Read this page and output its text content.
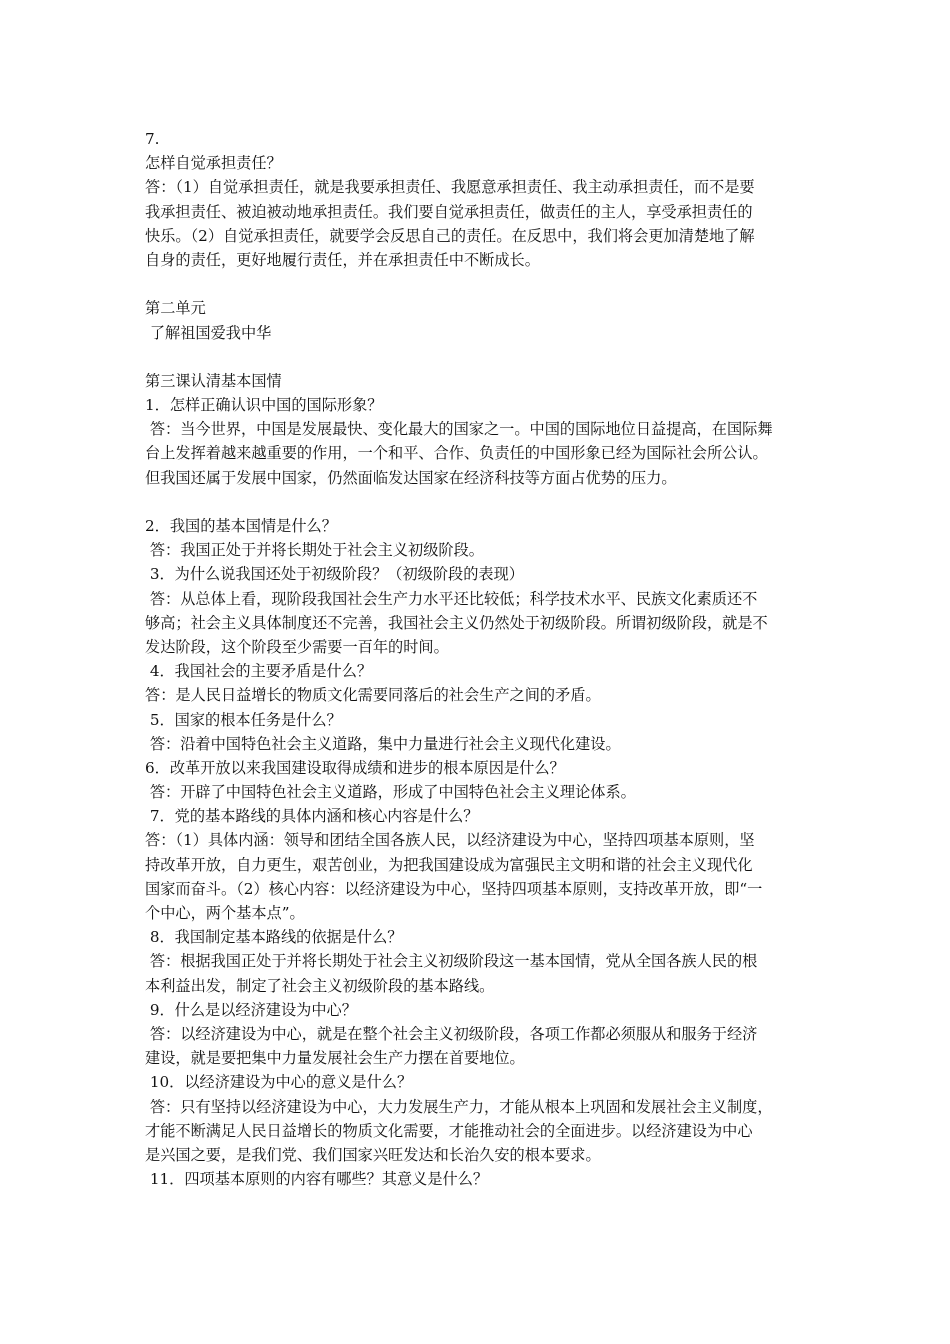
7.
怎样自觉承担责任？
答：（1）自觉承担责任，就是我要承担责任、我愿意承担责任、我主动承担责任，而不是要
我承担责任、被迫被动地承担责任。我们要自觉承担责任，做责任的主人，享受承担责任的
快乐。（2）自觉承担责任，就要学会反思自己的责任。在反思中，我们将会更加清楚地了解
自身的责任，更好地履行责任，并在承担责任中不断成长。
第二单元
了解祖国爱我中华
第三课认清基本国情
1．怎样正确认识中国的国际形象？
答：当今世界，中国是发展最快、变化最大的国家之一。中国的国际地位日益提高，在国际舞
台上发挥着越来越重要的作用，一个和平、合作、负责任的中国形象已经为国际社会所公认。
但我国还属于发展中国家，仍然面临发达国家在经济科技等方面占优势的压力。
2．我国的基本国情是什么？
答：我国正处于并将长期处于社会主义初级阶段。
3．为什么说我国还处于初级阶段？（初级阶段的表现）
答：从总体上看，现阶段我国社会生产力水平还比较低；科学技术水平、民族文化素质还不
够高；社会主义具体制度还不完善，我国社会主义仍然处于初级阶段。所谓初级阶段，就是不
发达阶段，这个阶段至少需要一百年的时间。
4．我国社会的主要矛盾是什么？
答：是人民日益增长的物质文化需要同落后的社会生产之间的矛盾。
5．国家的根本任务是什么？
答：沿着中国特色社会主义道路，集中力量进行社会主义现代化建设。
6．改革开放以来我国建设取得成绩和进步的根本原因是什么？
答：开辟了中国特色社会主义道路，形成了中国特色社会主义理论体系。
7．党的基本路线的具体内涵和核心内容是什么？
答：（1）具体内涵：领导和团结全国各族人民，以经济建设为中心，坚持四项基本原则，坚
持改革开放，自力更生，艰苦创业，为把我国建设成为富强民主文明和谐的社会主义现代化
国家而奋斗。（2）核心内容：以经济建设为中心，坚持四项基本原则，支持改革开放，即“一
个中心，两个基本点”。
8．我国制定基本路线的依据是什么？
答：根据我国正处于并将长期处于社会主义初级阶段这一基本国情，党从全国各族人民的根
本利益出发，制定了社会主义初级阶段的基本路线。
9．什么是以经济建设为中心？
答：以经济建设为中心，就是在整个社会主义初级阶段，各项工作都必须服从和服务于经济
建设，就是要把集中力量发展社会生产力摆在首要地位。
10．以经济建设为中心的意义是什么？
答：只有坚持以经济建设为中心，大力发展生产力，才能从根本上巩固和发展社会主义制度，
才能不断满足人民日益增长的物质文化需要，才能推动社会的全面进步。以经济建设为中心
是兴国之要，是我们党、我们国家兴旺发达和长治久安的根本要求。
11．四项基本原则的内容有哪些？其意义是什么？
